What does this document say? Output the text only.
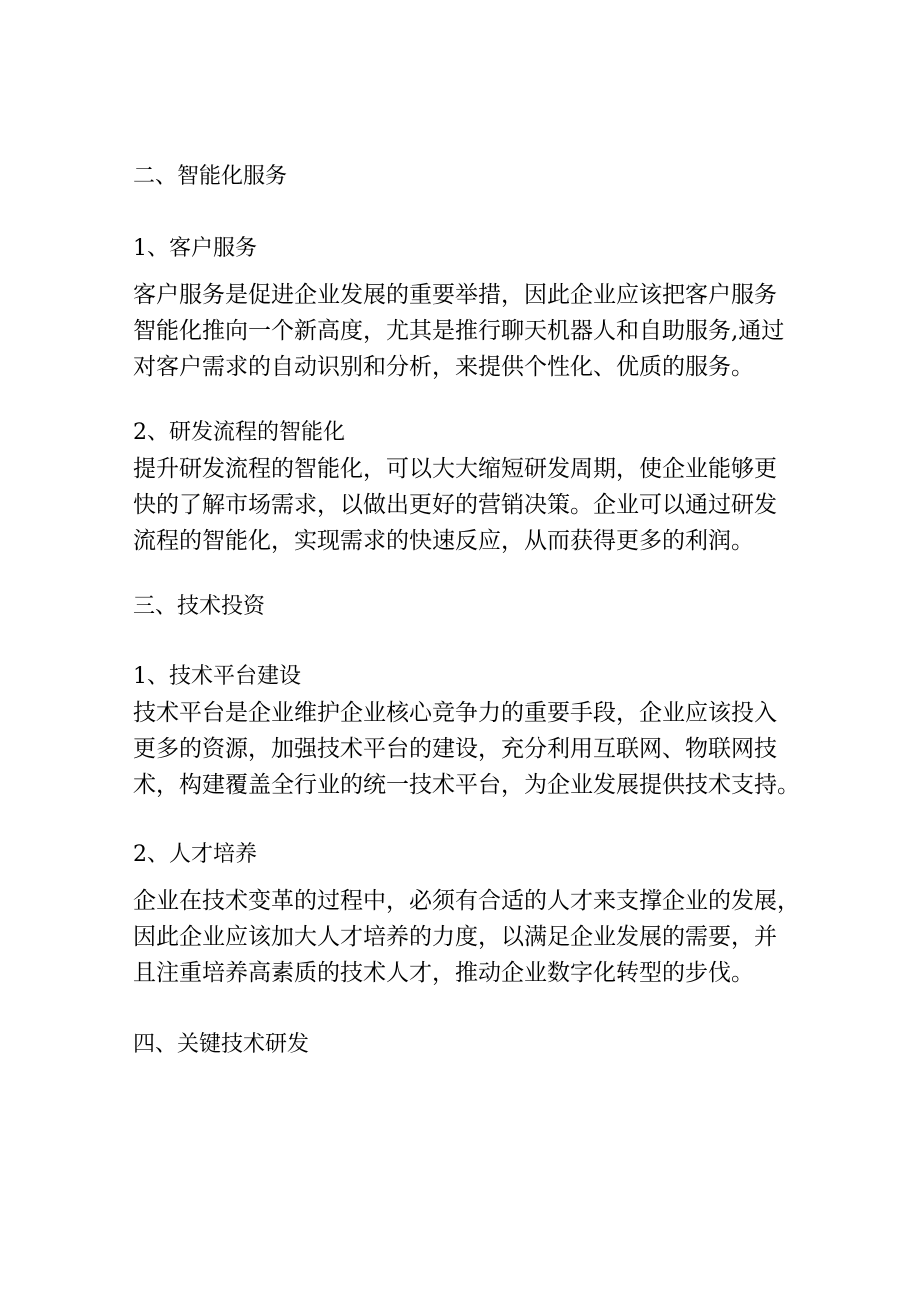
二、智能化服务
1、客户服务

客户服务是促进企业发展的重要举措，因此企业应该把客户服务

智能化推向一个新高度，尤其是推行聊天机器人和自助服务,通过

对客户需求的自动识别和分析，来提供个性化、优质的服务。

2、研发流程的智能化

提升研发流程的智能化，可以大大缩短研发周期，使企业能够更

快的了解市场需求，以做出更好的营销决策。企业可以通过研发

流程的智能化，实现需求的快速反应，从而获得更多的利润。

三、技术投资
1、技术平台建设

技术平台是企业维护企业核心竞争力的重要手段，企业应该投入

更多的资源，加强技术平台的建设，充分利用互联网、物联网技

术，构建覆盖全行业的统一技术平台，为企业发展提供技术支持。

2、人才培养

企业在技术变革的过程中，必须有合适的人才来支撑企业的发展，

因此企业应该加大人才培养的力度，以满足企业发展的需要，并

且注重培养高素质的技术人才，推动企业数字化转型的步伐。

四、关键技术研发
